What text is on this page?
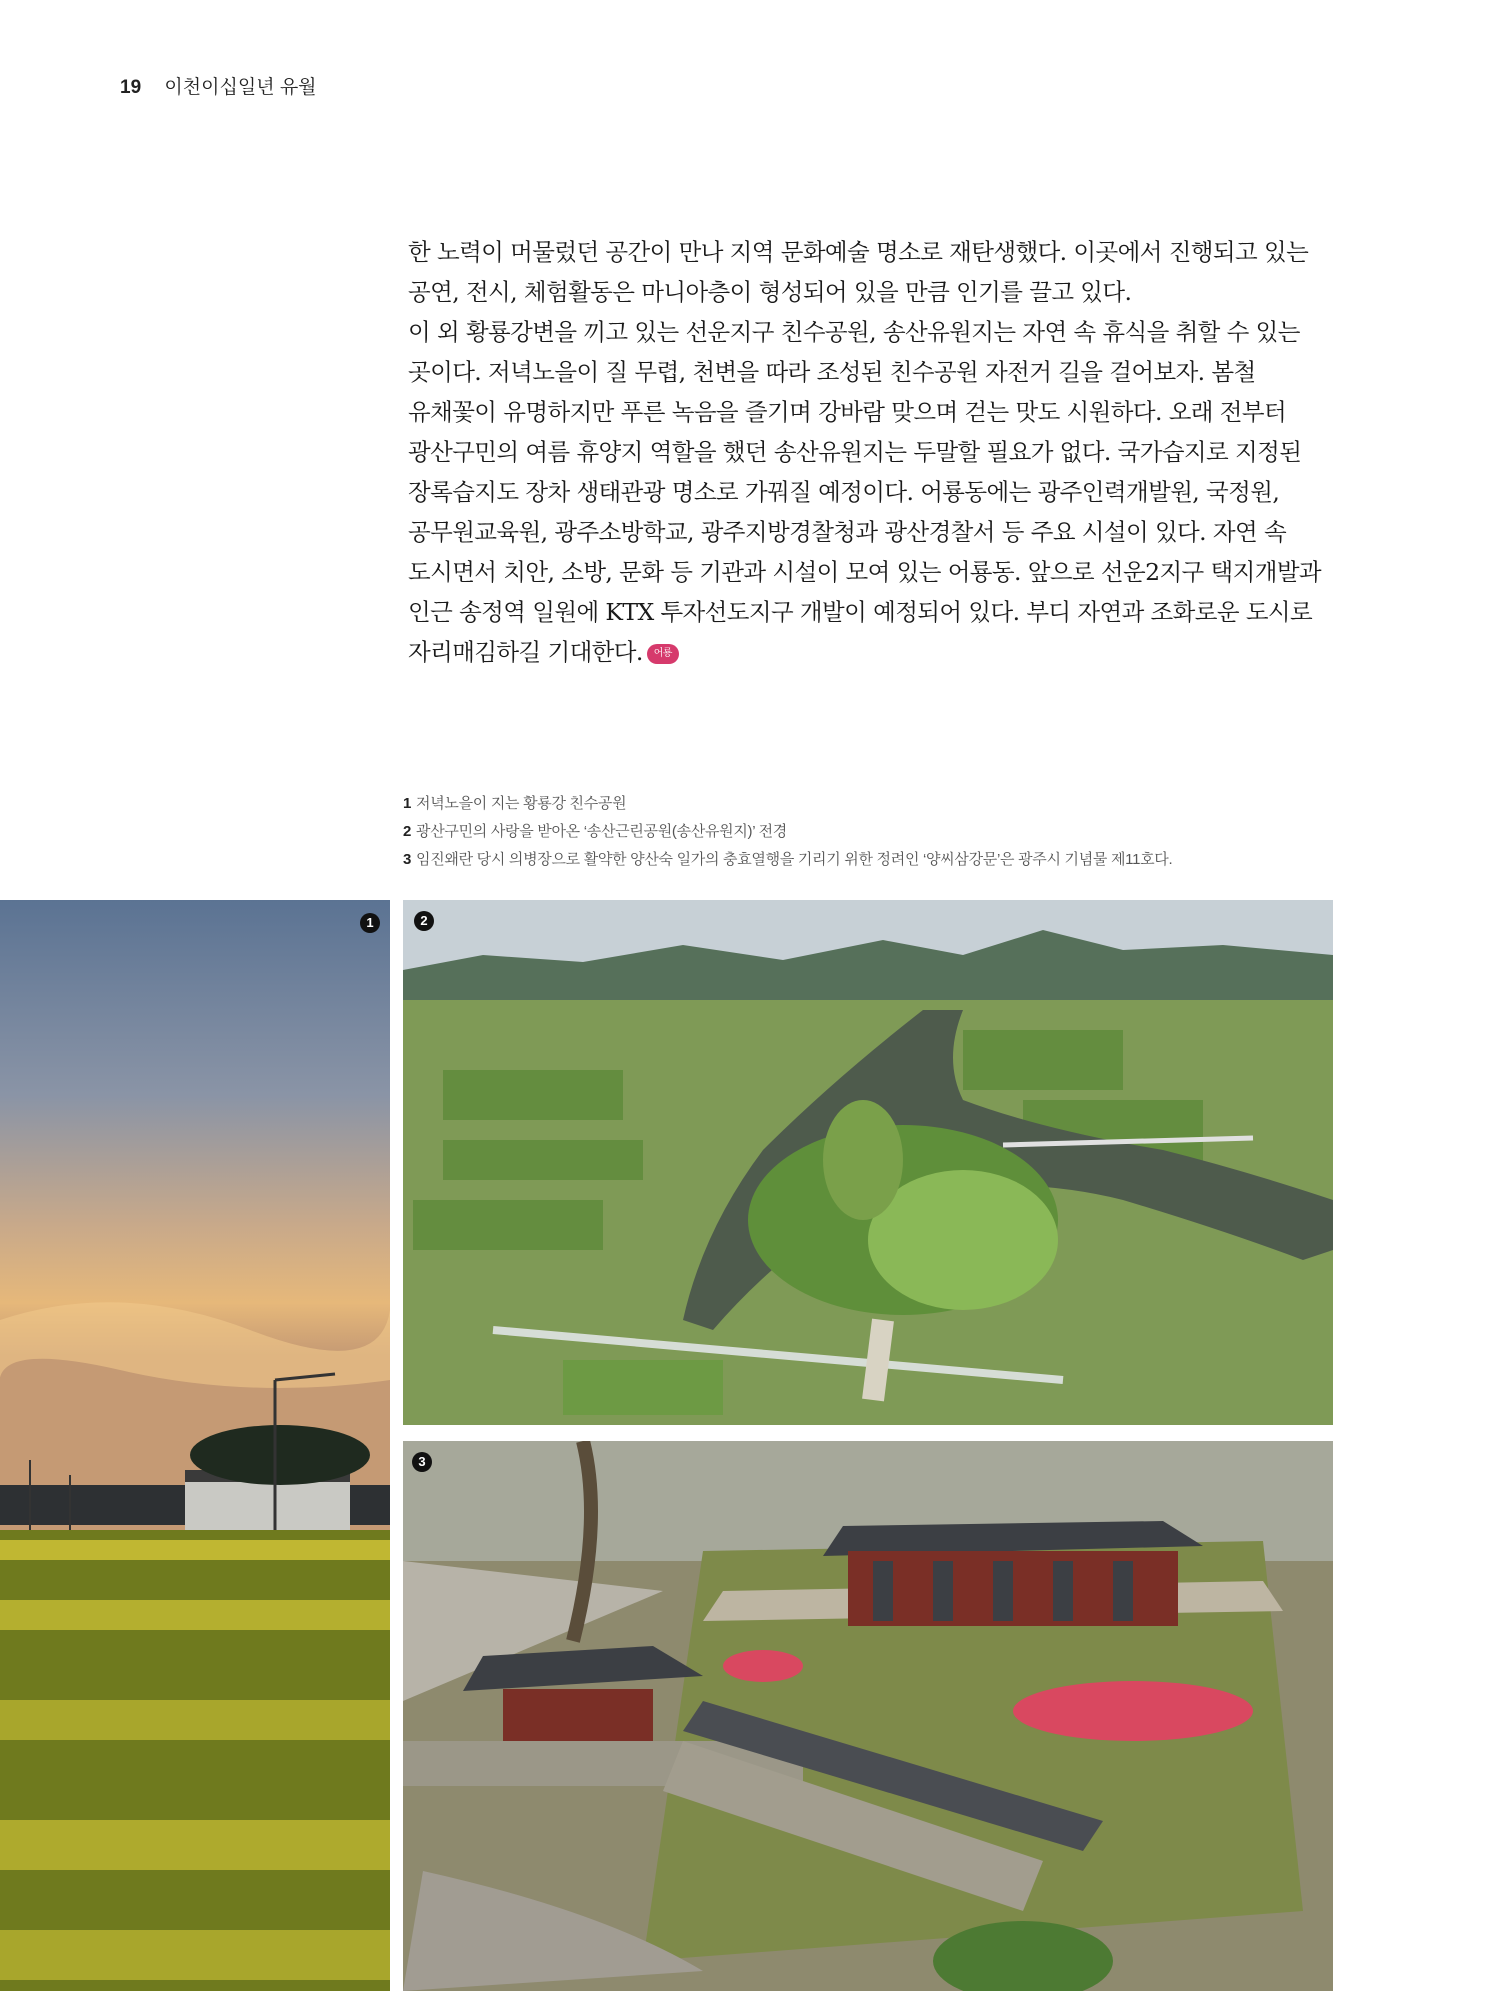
19 이천이십일년 유월

한 노력이 머물렀던 공간이 만나 지역 문화예술 명소로 재탄생했다. 이곳에서 진행되고 있는 공연, 전시, 체험활동은 마니아층이 형성되어 있을 만큼 인기를 끌고 있다.

이 외 황룡강변을 끼고 있는 선운지구 친수공원, 송산유원지는 자연 속 휴식을 취할 수 있는 곳이다. 저녁노을이 질 무렵, 천변을 따라 조성된 친수공원 자전거 길을 걸어보자. 봄철 유채꽃이 유명하지만 푸른 녹음을 즐기며 강바람 맞으며 걷는 맛도 시원하다. 오래 전부터 광산구민의 여름 휴양지 역할을 했던 송산유원지는 두말할 필요가 없다. 국가습지로 지정된 장록습지도 장차 생태관광 명소로 가꿔질 예정이다. 어룡동에는 광주인력개발원, 국정원, 공무원교육원, 광주소방학교, 광주지방경찰청과 광산경찰서 등 주요 시설이 있다. 자연 속 도시면서 치안, 소방, 문화 등 기관과 시설이 모여 있는 어룡동. 앞으로 선운2지구 택지개발과 인근 송정역 일원에 KTX 투자선도지구 개발이 예정되어 있다. 부디 자연과 조화로운 도시로 자리매김하길 기대한다. 어룡

1 저녁노을이 지는 황룡강 친수공원
2 광산구민의 사랑을 받아온 ‘송산근린공원(송산유원지)’ 전경
3 임진왜란 당시 의병장으로 활약한 양산숙 일가의 충효열행을 기리기 위한 정려인 ‘양씨삼강문’은 광주시 기념물 제11호다.
1	2
3
